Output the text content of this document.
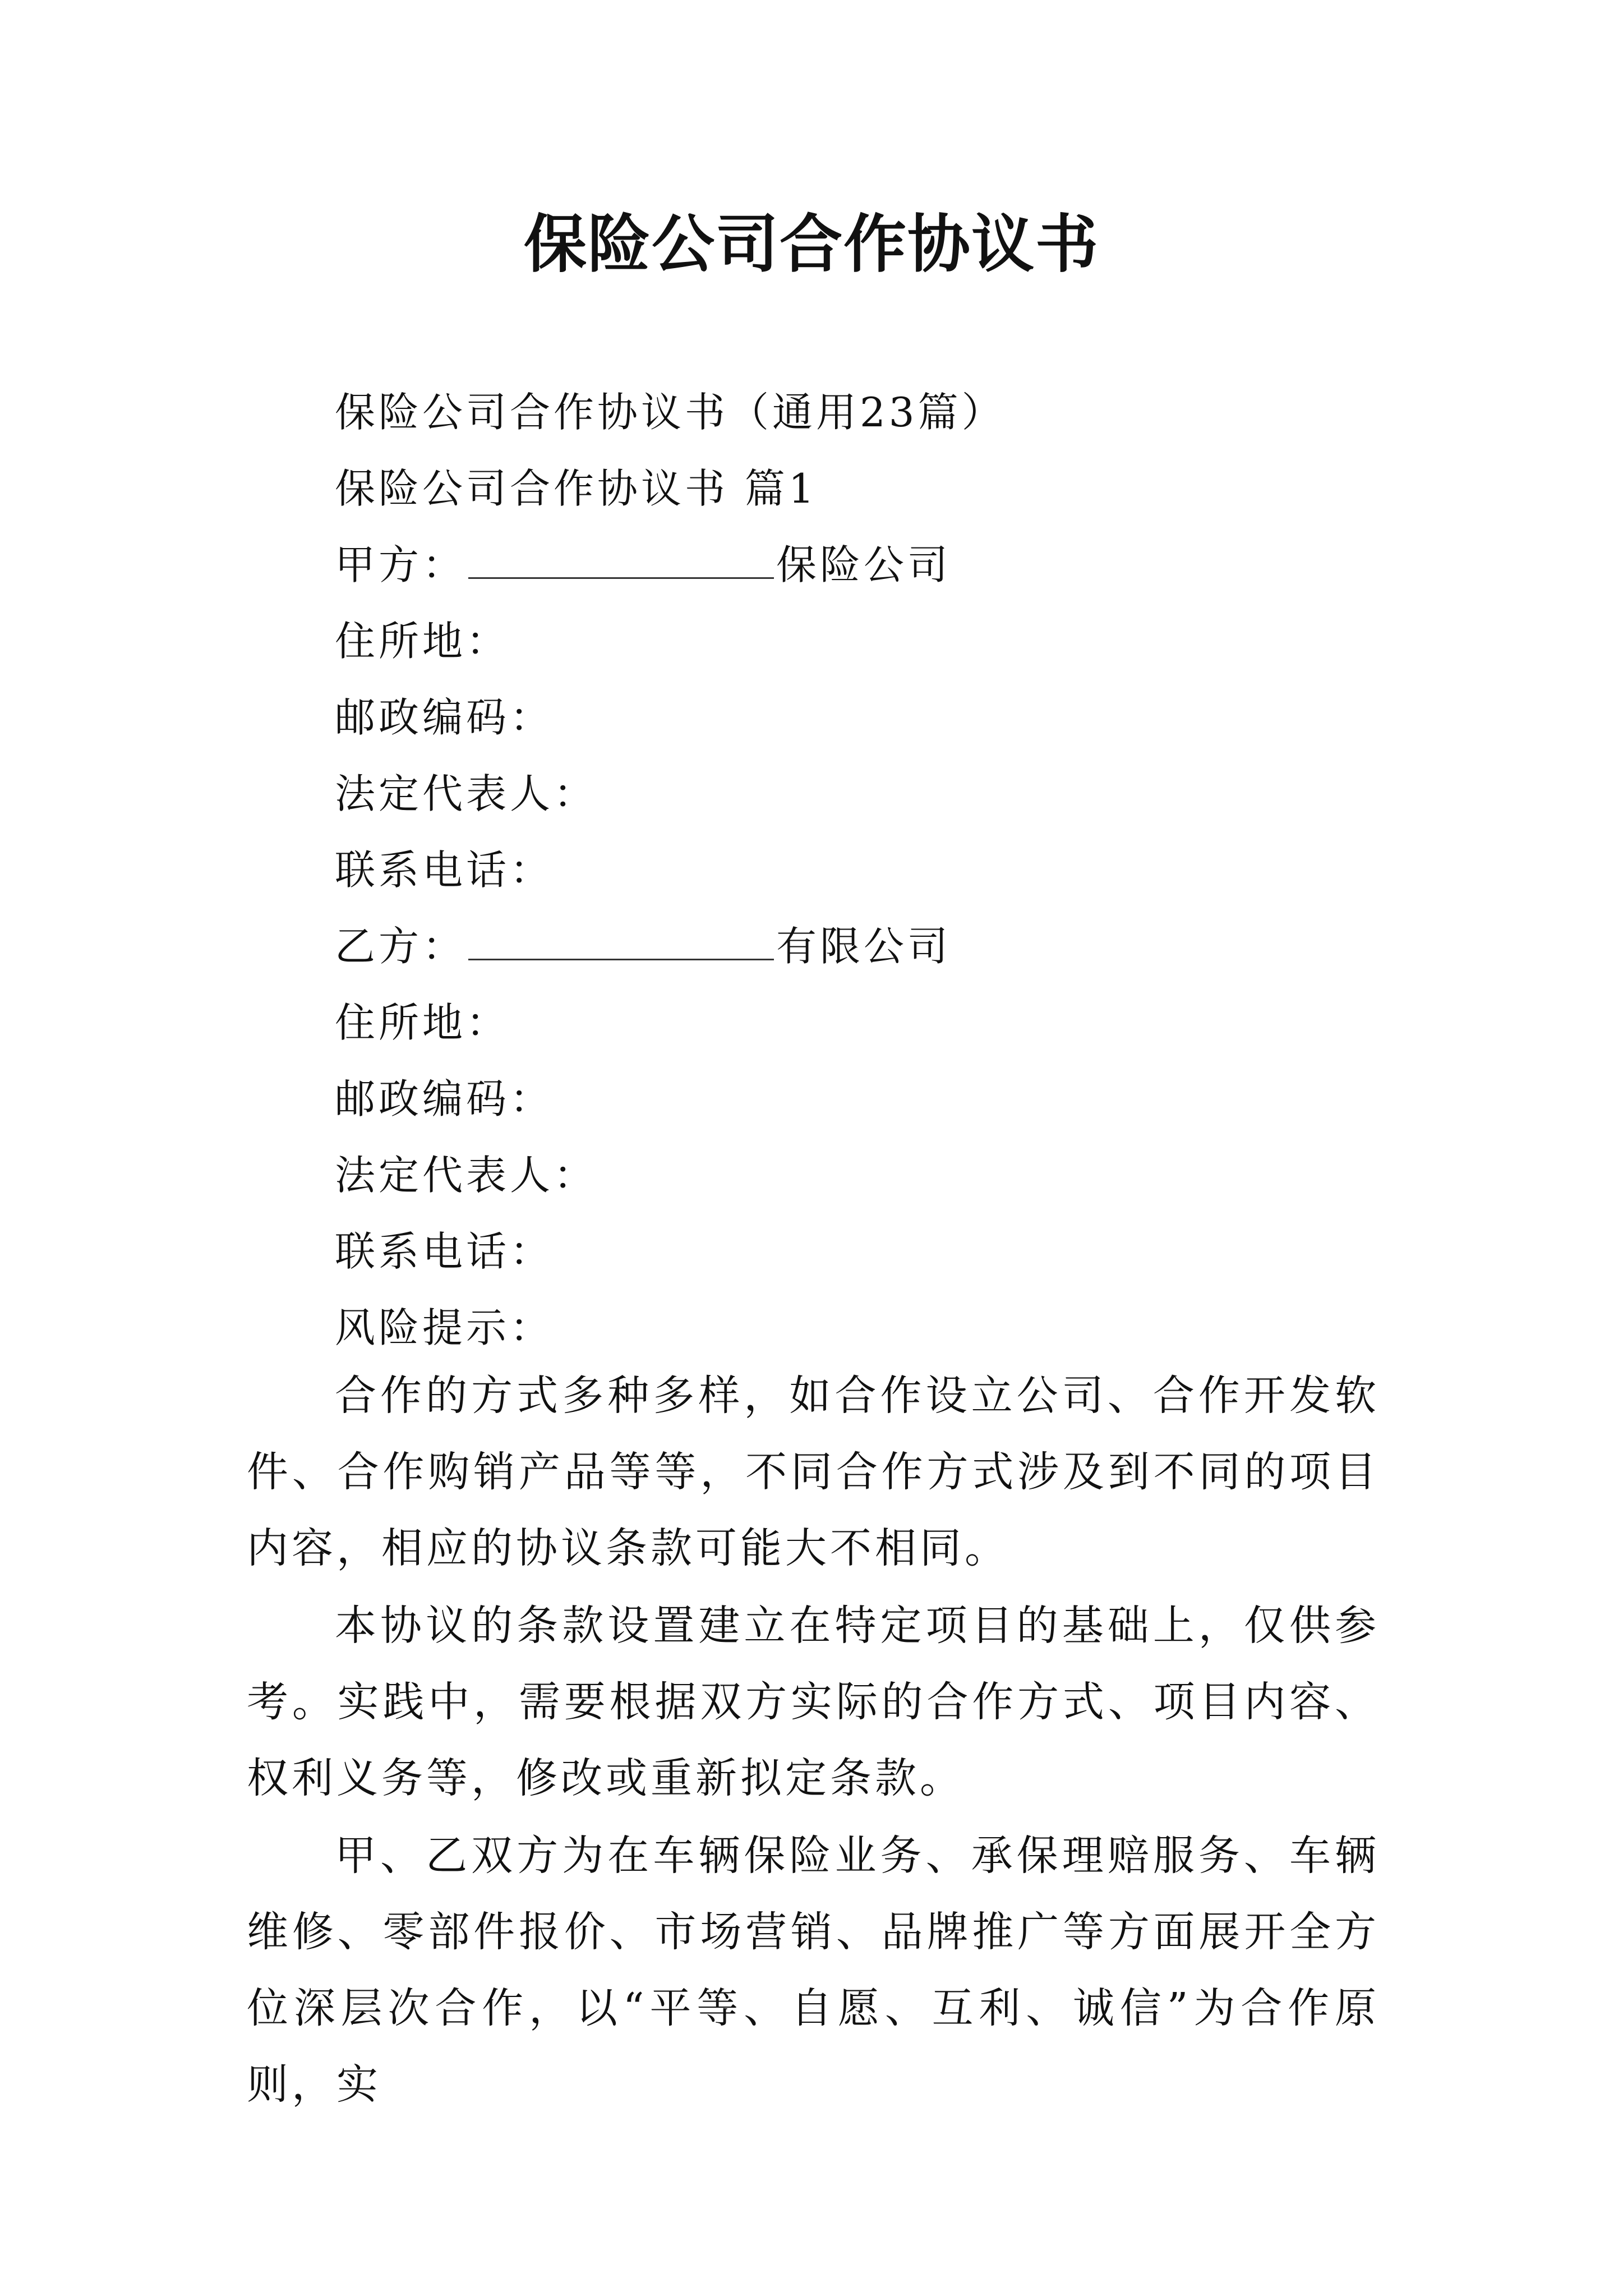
保险公司合作协议书
保险公司合作协议书（通用23篇）
保险公司合作协议书 篇1
甲方：	保险公司
住所地：
邮政编码：
法定代表人：
联系电话：
乙方：	有限公司
住所地：
邮政编码：
法定代表人：
联系电话：
风险提示：

合作的方式多种多样，如合作设立公司、合作开发软件、合作购销产品等等，不同合作方式涉及到不同的项目内容，相应的协议条款可能大不相同。

本协议的条款设置建立在特定项目的基础上，仅供参考。实践中，需要根据双方实际的合作方式、项目内容、权利义务等，修改或重新拟定条款。

甲、乙双方为在车辆保险业务、承保理赔服务、车辆维修、零部件报价、市场营销、品牌推广等方面展开全方位深层次合作，以“平等、自愿、互利、诚信”为合作原则，实
